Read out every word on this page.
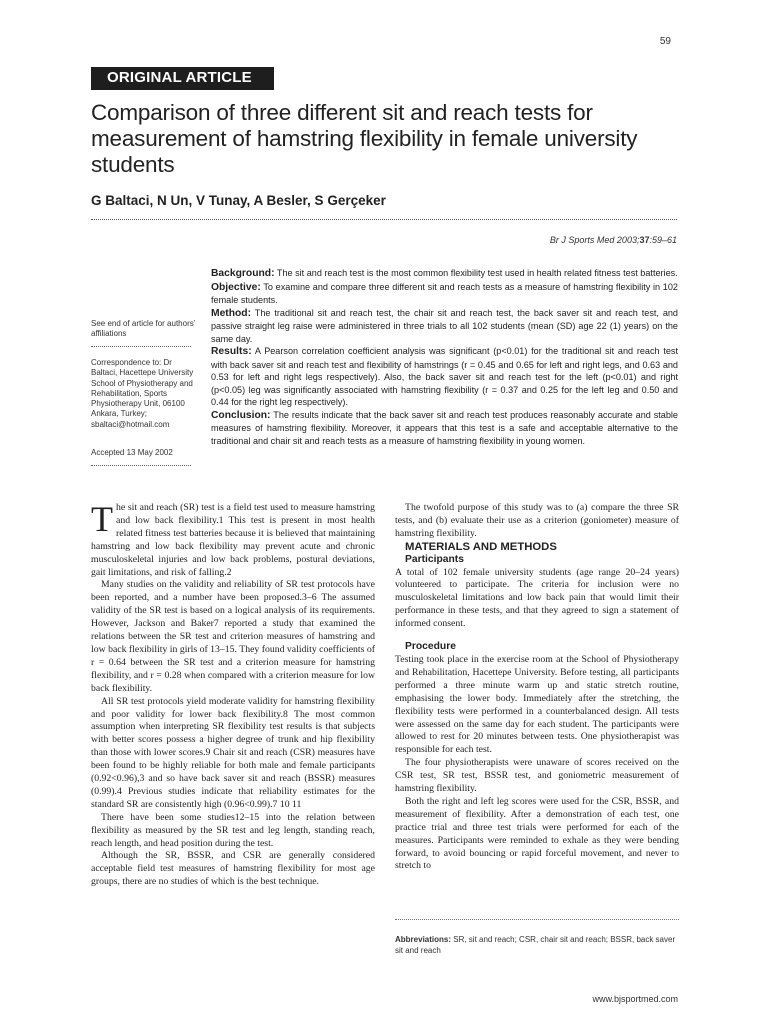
59
ORIGINAL ARTICLE
Comparison of three different sit and reach tests for measurement of hamstring flexibility in female university students
G Baltaci, N Un, V Tunay, A Besler, S Gerçeker
Br J Sports Med 2003;37:59–61
See end of article for authors’ affiliations
Correspondence to: Dr Baltaci, Hacettepe University School of Physiotherapy and Rehabilitation, Sports Physiotherapy Unit, 06100 Ankara, Turkey; sbaltaci@hotmail.com
Accepted 13 May 2002

Background: The sit and reach test is the most common flexibility test used in health related fitness test batteries.

Objective: To examine and compare three different sit and reach tests as a measure of hamstring flexibility in 102 female students.

Method: The traditional sit and reach test, the chair sit and reach test, the back saver sit and reach test, and passive straight leg raise were administered in three trials to all 102 students (mean (SD) age 22 (1) years) on the same day.

Results: A Pearson correlation coefficient analysis was significant (p<0.01) for the traditional sit and reach test with back saver sit and reach test and flexibility of hamstrings (r = 0.45 and 0.65 for left and right legs, and 0.63 and 0.53 for left and right legs respectively). Also, the back saver sit and reach test for the left (p<0.01) and right (p<0.05) leg was significantly associated with hamstring flexibility (r = 0.37 and 0.25 for the left leg and 0.50 and 0.44 for the right leg respectively).

Conclusion: The results indicate that the back saver sit and reach test produces reasonably accurate and stable measures of hamstring flexibility. Moreover, it appears that this test is a safe and acceptable alternative to the traditional and chair sit and reach tests as a measure of hamstring flexibility in young women.

The sit and reach (SR) test is a field test used to measure hamstring and low back flexibility.1 This test is present in most health related fitness test batteries because it is believed that maintaining hamstring and low back flexibility may prevent acute and chronic musculoskeletal injuries and low back problems, postural deviations, gait limitations, and risk of falling.2

Many studies on the validity and reliability of SR test protocols have been reported, and a number have been proposed.3–6 The assumed validity of the SR test is based on a logical analysis of its requirements. However, Jackson and Baker7 reported a study that examined the relations between the SR test and criterion measures of hamstring and low back flexibility in girls of 13–15. They found validity coefficients of r = 0.64 between the SR test and a criterion measure for hamstring flexibility, and r = 0.28 when compared with a criterion measure for low back flexibility.

All SR test protocols yield moderate validity for hamstring flexibility and poor validity for lower back flexibility.8 The most common assumption when interpreting SR flexibility test results is that subjects with better scores possess a higher degree of trunk and hip flexibility than those with lower scores.9 Chair sit and reach (CSR) measures have been found to be highly reliable for both male and female participants (0.92<0.96),3 and so have back saver sit and reach (BSSR) measures (0.99).4 Previous studies indicate that reliability estimates for the standard SR are consistently high (0.96<0.99).7 10 11

There have been some studies12–15 into the relation between flexibility as measured by the SR test and leg length, standing reach, reach length, and head position during the test.

Although the SR, BSSR, and CSR are generally considered acceptable field test measures of hamstring flexibility for most age groups, there are no studies of which is the best technique.

The twofold purpose of this study was to (a) compare the three SR tests, and (b) evaluate their use as a criterion (goniometer) measure of hamstring flexibility.

MATERIALS AND METHODS

Participants

A total of 102 female university students (age range 20–24 years) volunteered to participate. The criteria for inclusion were no musculoskeletal limitations and low back pain that would limit their performance in these tests, and that they agreed to sign a statement of informed consent.

Procedure

Testing took place in the exercise room at the School of Physiotherapy and Rehabilitation, Hacettepe University. Before testing, all participants performed a three minute warm up and static stretch routine, emphasising the lower body. Immediately after the stretching, the flexibility tests were performed in a counterbalanced design. All tests were assessed on the same day for each student. The participants were allowed to rest for 20 minutes between tests. One physiotherapist was responsible for each test.

The four physiotherapists were unaware of scores received on the CSR test, SR test, BSSR test, and goniometric measurement of hamstring flexibility.

Both the right and left leg scores were used for the CSR, BSSR, and measurement of flexibility. After a demonstration of each test, one practice trial and three test trials were performed for each of the measures. Participants were reminded to exhale as they were bending forward, to avoid bouncing or rapid forceful movement, and never to stretch to

Abbreviations: SR, sit and reach; CSR, chair sit and reach; BSSR, back saver sit and reach
www.bjsportmed.com
